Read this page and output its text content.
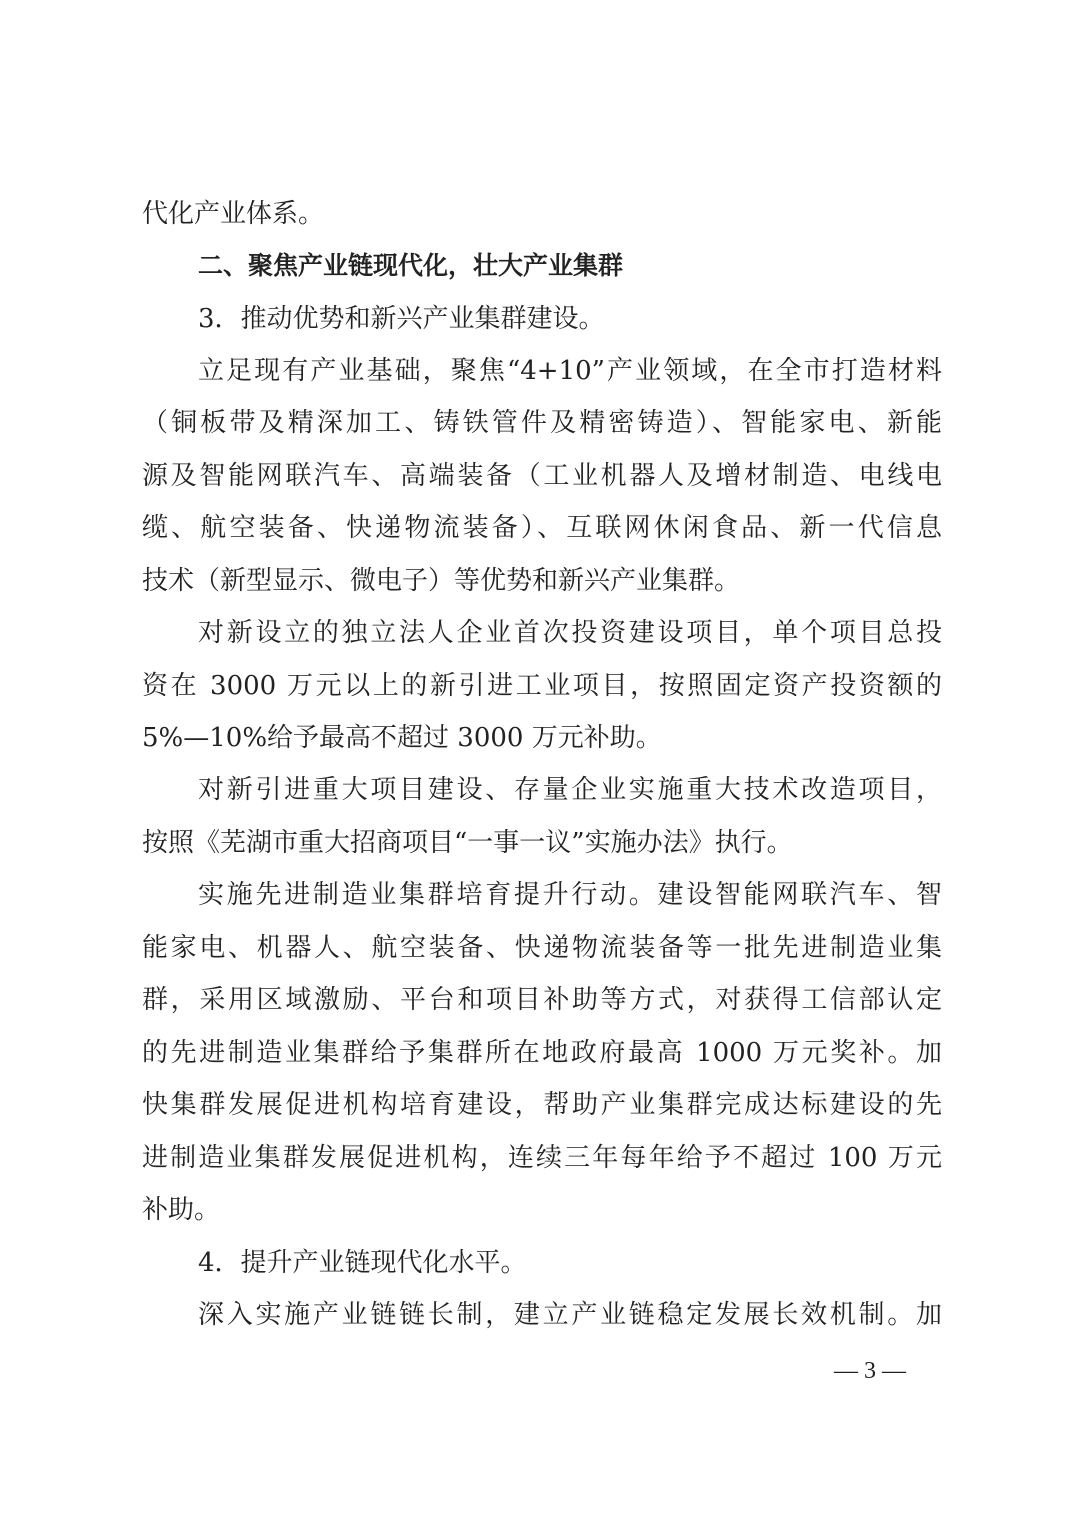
代化产业体系。
二、聚焦产业链现代化，壮大产业集群
3．推动优势和新兴产业集群建设。
立足现有产业基础，聚焦“4+10”产业领域，在全市打造材料
（铜板带及精深加工、铸铁管件及精密铸造）、智能家电、新能
源及智能网联汽车、高端装备（工业机器人及增材制造、电线电
缆、航空装备、快递物流装备）、互联网休闲食品、新一代信息
技术（新型显示、微电子）等优势和新兴产业集群。
对新设立的独立法人企业首次投资建设项目，单个项目总投
资在 3000 万元以上的新引进工业项目，按照固定资产投资额的
5%—10%给予最高不超过 3000 万元补助。
对新引进重大项目建设、存量企业实施重大技术改造项目，
按照《芜湖市重大招商项目“一事一议”实施办法》执行。
实施先进制造业集群培育提升行动。建设智能网联汽车、智
能家电、机器人、航空装备、快递物流装备等一批先进制造业集
群，采用区域激励、平台和项目补助等方式，对获得工信部认定
的先进制造业集群给予集群所在地政府最高 1000 万元奖补。加
快集群发展促进机构培育建设，帮助产业集群完成达标建设的先
进制造业集群发展促进机构，连续三年每年给予不超过 100 万元
补助。
4．提升产业链现代化水平。
深入实施产业链链长制，建立产业链稳定发展长效机制。加
— 3 —
